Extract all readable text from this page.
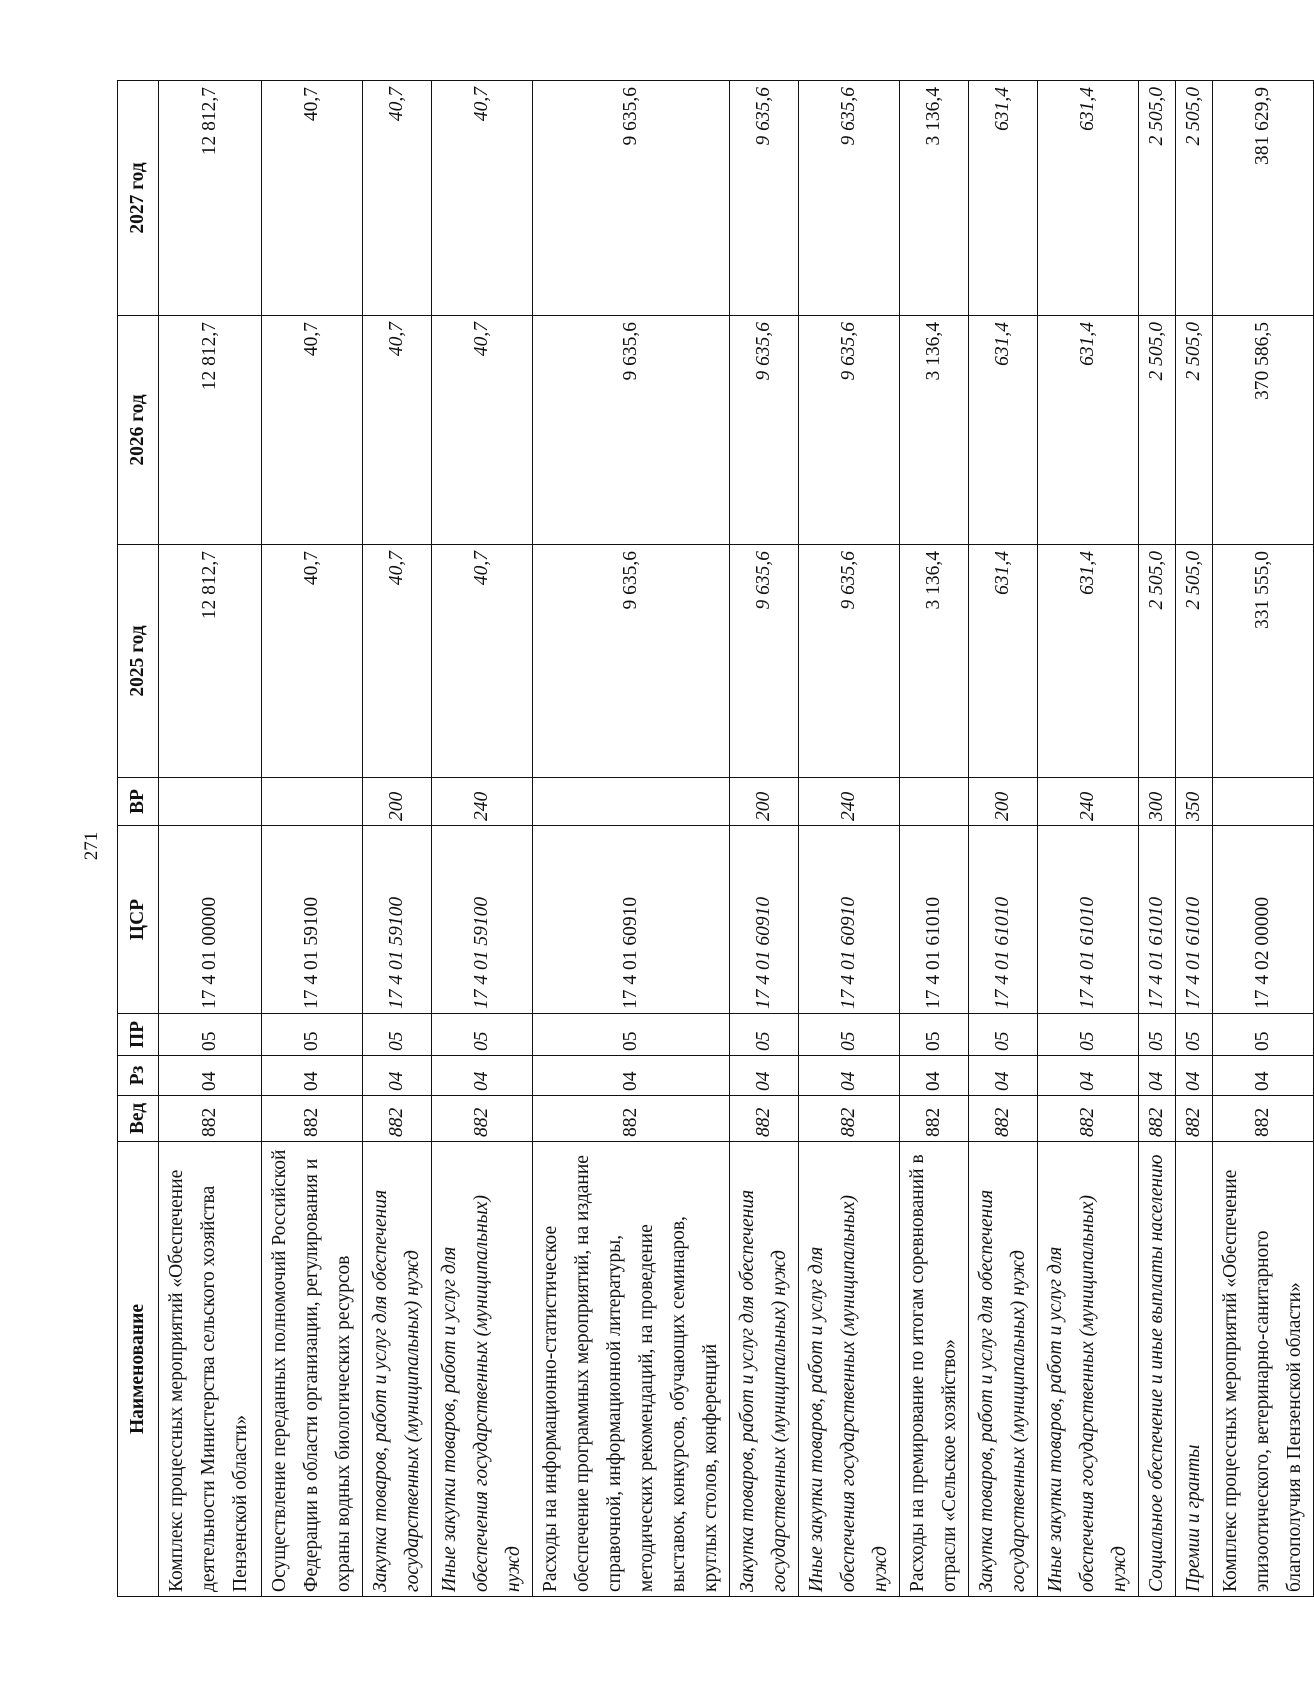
271
Наименование	Вед	Рз	ПР	ЦСР	ВР	2025 год	2026 год	2027 год
Комплекс процессных мероприятий «Обеспечение деятельности Министерства сельского хозяйства Пензенской области»	882	04	05	17 4 01 00000		12 812,7	12 812,7	12 812,7
Осуществление переданных полномочий Российской Федерации в области организации, регулирования и охраны водных биологических ресурсов	882	04	05	17 4 01 59100		40,7	40,7	40,7
Закупка товаров, работ и услуг для обеспечения государственных (муниципальных) нужд	882	04	05	17 4 01 59100	200	40,7	40,7	40,7
Иные закупки товаров, работ и услуг для обеспечения государственных (муниципальных) нужд	882	04	05	17 4 01 59100	240	40,7	40,7	40,7
Расходы на информационно-статистическое обеспечение программных мероприятий, на издание справочной, информационной литературы, методических рекомендаций, на проведение выставок, конкурсов, обучающих семинаров, круглых столов, конференций	882	04	05	17 4 01 60910		9 635,6	9 635,6	9 635,6
Закупка товаров, работ и услуг для обеспечения государственных (муниципальных) нужд	882	04	05	17 4 01 60910	200	9 635,6	9 635,6	9 635,6
Иные закупки товаров, работ и услуг для обеспечения государственных (муниципальных) нужд	882	04	05	17 4 01 60910	240	9 635,6	9 635,6	9 635,6
Расходы на премирование по итогам соревнований в отрасли «Сельское хозяйство»	882	04	05	17 4 01 61010		3 136,4	3 136,4	3 136,4
Закупка товаров, работ и услуг для обеспечения государственных (муниципальных) нужд	882	04	05	17 4 01 61010	200	631,4	631,4	631,4
Иные закупки товаров, работ и услуг для обеспечения государственных (муниципальных) нужд	882	04	05	17 4 01 61010	240	631,4	631,4	631,4
Социальное обеспечение и иные выплаты населению	882	04	05	17 4 01 61010	300	2 505,0	2 505,0	2 505,0
Премии и гранты	882	04	05	17 4 01 61010	350	2 505,0	2 505,0	2 505,0
Комплекс процессных мероприятий «Обеспечение эпизоотического, ветеринарно-санитарного благополучия в Пензенской области»	882	04	05	17 4 02 00000		331 555,0	370 586,5	381 629,9
